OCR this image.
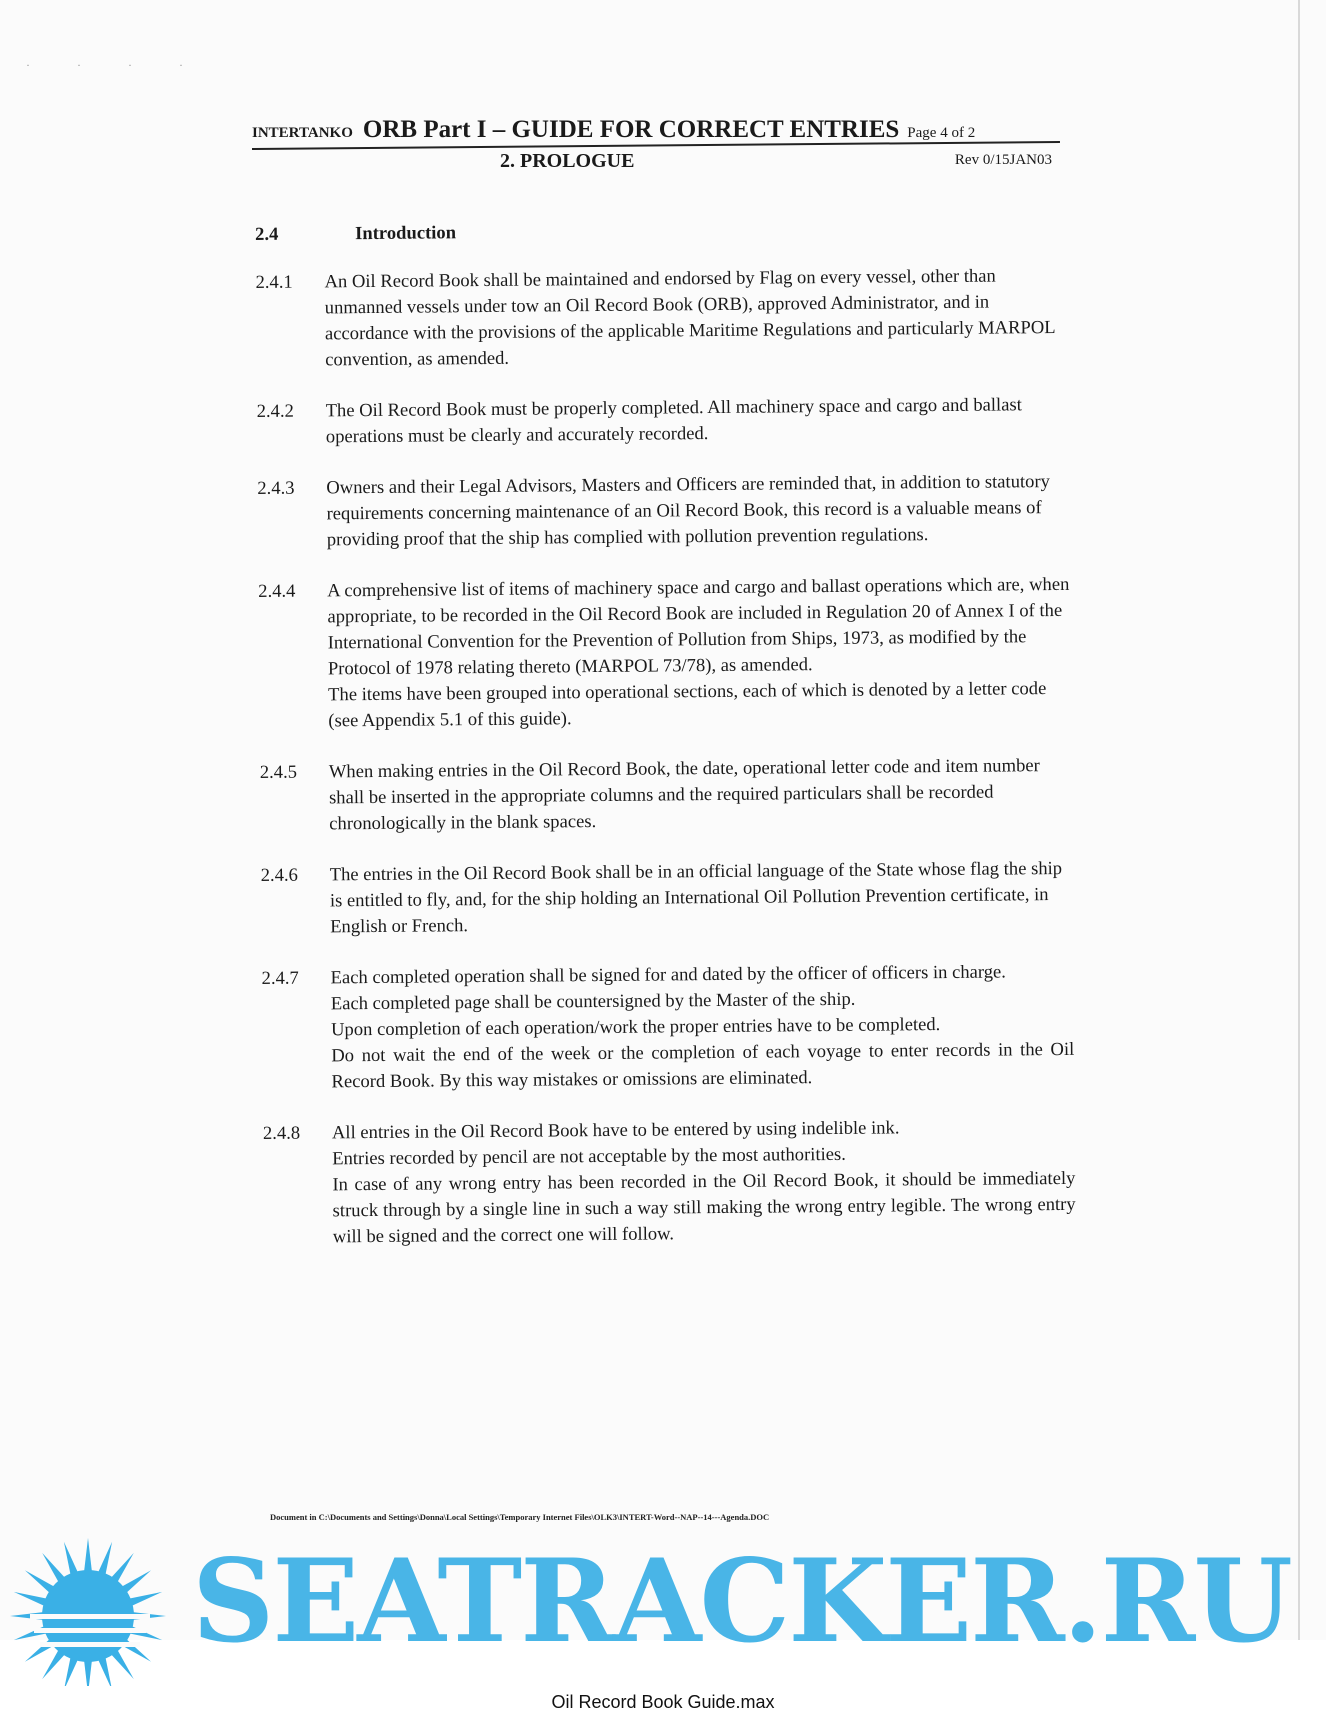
· · · ·
INTERTANKO ORB Part I – GUIDE FOR CORRECT ENTRIES Page 4 of 2
2. PROLOGUE	Rev 0/15JAN03
2.4	Introduction
2.4.1	An Oil Record Book shall be maintained and endorsed by Flag on every vessel, other than unmanned vessels under tow an Oil Record Book (ORB), approved Administrator, and in accordance with the provisions of the applicable Maritime Regulations and particularly MARPOL convention, as amended.

2.4.2	The Oil Record Book must be properly completed. All machinery space and cargo and ballast operations must be clearly and accurately recorded.

2.4.3	Owners and their Legal Advisors, Masters and Officers are reminded that, in addition to statutory requirements concerning maintenance of an Oil Record Book, this record is a valuable means of providing proof that the ship has complied with pollution prevention regulations.

2.4.4	A comprehensive list of items of machinery space and cargo and ballast operations which are, when appropriate, to be recorded in the Oil Record Book are included in Regulation 20 of Annex I of the International Convention for the Prevention of Pollution from Ships, 1973, as modified by the Protocol of 1978 relating thereto (MARPOL 73/78), as amended.

The items have been grouped into operational sections, each of which is denoted by a letter code (see Appendix 5.1 of this guide).

2.4.5	When making entries in the Oil Record Book, the date, operational letter code and item number shall be inserted in the appropriate columns and the required particulars shall be recorded chronologically in the blank spaces.

2.4.6	The entries in the Oil Record Book shall be in an official language of the State whose flag the ship is entitled to fly, and, for the ship holding an International Oil Pollution Prevention certificate, in English or French.

2.4.7	Each completed operation shall be signed for and dated by the officer of officers in charge.

Each completed page shall be countersigned by the Master of the ship.

Upon completion of each operation/work the proper entries have to be completed.

Do not wait the end of the week or the completion of each voyage to enter records in the Oil Record Book. By this way mistakes or omissions are eliminated.

2.4.8	All entries in the Oil Record Book have to be entered by using indelible ink.

Entries recorded by pencil are not acceptable by the most authorities.

In case of any wrong entry has been recorded in the Oil Record Book, it should be immediately struck through by a single line in such a way still making the wrong entry legible. The wrong entry will be signed and the correct one will follow.

Document in C:\Documents and Settings\Donna\Local Settings\Temporary Internet Files\OLK3\INTERT-Word--NAP--14---Agenda.DOC
SEATRACKER.RU
Oil Record Book Guide.max
